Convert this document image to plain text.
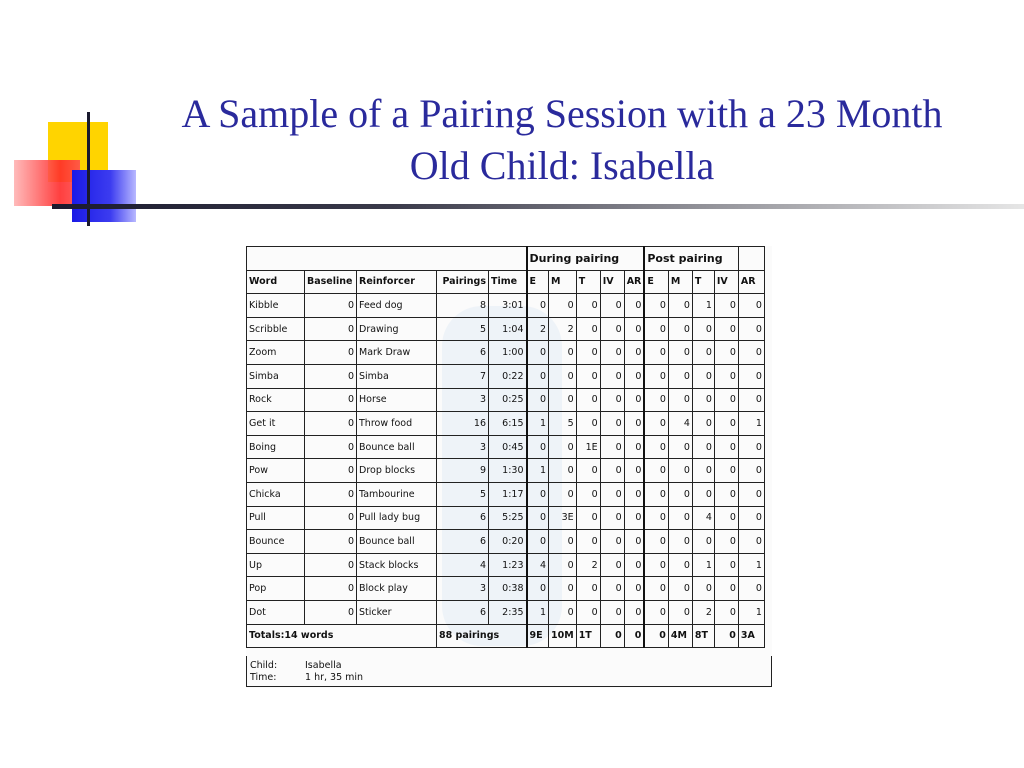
A Sample of a Pairing Session with a 23 Month
Old Child: Isabella
					During pairing					Post pairing				
Word	Baseline	Reinforcer	Pairings	Time	E	M	T	IV	AR	E	M	T	IV	AR
Kibble	0	Feed dog	8	3:01	0	0	0	0	0	0	0	1	0	0
Scribble	0	Drawing	5	1:04	2	2	0	0	0	0	0	0	0	0
Zoom	0	Mark Draw	6	1:00	0	0	0	0	0	0	0	0	0	0
Simba	0	Simba	7	0:22	0	0	0	0	0	0	0	0	0	0
Rock	0	Horse	3	0:25	0	0	0	0	0	0	0	0	0	0
Get it	0	Throw food	16	6:15	1	5	0	0	0	0	4	0	0	1
Boing	0	Bounce ball	3	0:45	0	0	1E	0	0	0	0	0	0	0
Pow	0	Drop blocks	9	1:30	1	0	0	0	0	0	0	0	0	0
Chicka	0	Tambourine	5	1:17	0	0	0	0	0	0	0	0	0	0
Pull	0	Pull lady bug	6	5:25	0	3E	0	0	0	0	0	4	0	0
Bounce	0	Bounce ball	6	0:20	0	0	0	0	0	0	0	0	0	0
Up	0	Stack blocks	4	1:23	4	0	2	0	0	0	0	1	0	1
Pop	0	Block play	3	0:38	0	0	0	0	0	0	0	0	0	0
Dot	0	Sticker	6	2:35	1	0	0	0	0	0	0	2	0	1
Totals:14 words			88 pairings		9E	10M	1T	0	0	0	4M	8T	0	3A
Child:	Isabella
Time:	1 hr, 35 min
